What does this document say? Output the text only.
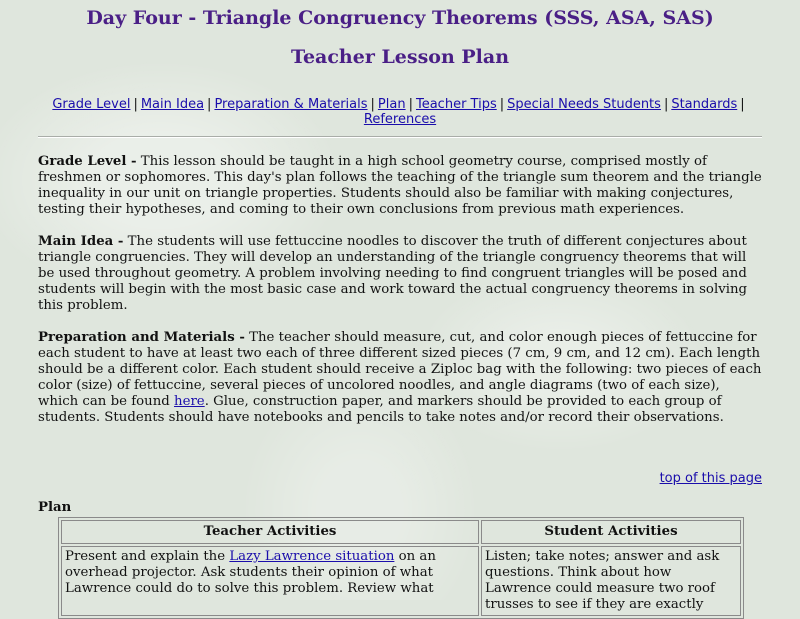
Day Four - Triangle Congruency Theorems (SSS, ASA, SAS)
Teacher Lesson Plan
Grade Level | Main Idea | Preparation & Materials | Plan | Teacher Tips | Special Needs Students | Standards |
References

Grade Level - This lesson should be taught in a high school geometry course, comprised mostly of freshmen or sophomores. This day's plan follows the teaching of the triangle sum theorem and the triangle inequality in our unit on triangle properties. Students should also be familiar with making conjectures, testing their hypotheses, and coming to their own conclusions from previous math experiences.

Main Idea - The students will use fettuccine noodles to discover the truth of different conjectures about triangle congruencies. They will develop an understanding of the triangle congruency theorems that will be used throughout geometry. A problem involving needing to find congruent triangles will be posed and students will begin with the most basic case and work toward the actual congruency theorems in solving this problem.

Preparation and Materials - The teacher should measure, cut, and color enough pieces of fettuccine for each student to have at least two each of three different sized pieces (7 cm, 9 cm, and 12 cm). Each length should be a different color. Each student should receive a Ziploc bag with the following: two pieces of each color (size) of fettuccine, several pieces of uncolored noodles, and angle diagrams (two of each size), which can be found here. Glue, construction paper, and markers should be provided to each group of students. Students should have notebooks and pencils to take notes and/or record their observations.

top of this page
Plan
Teacher Activities	Student Activities
Present and explain the Lazy Lawrence situation on an overhead projector. Ask students their opinion of what Lawrence could do to solve this problem. Review what	Listen; take notes; answer and ask questions. Think about how Lawrence could measure two roof trusses to see if they are exactly
